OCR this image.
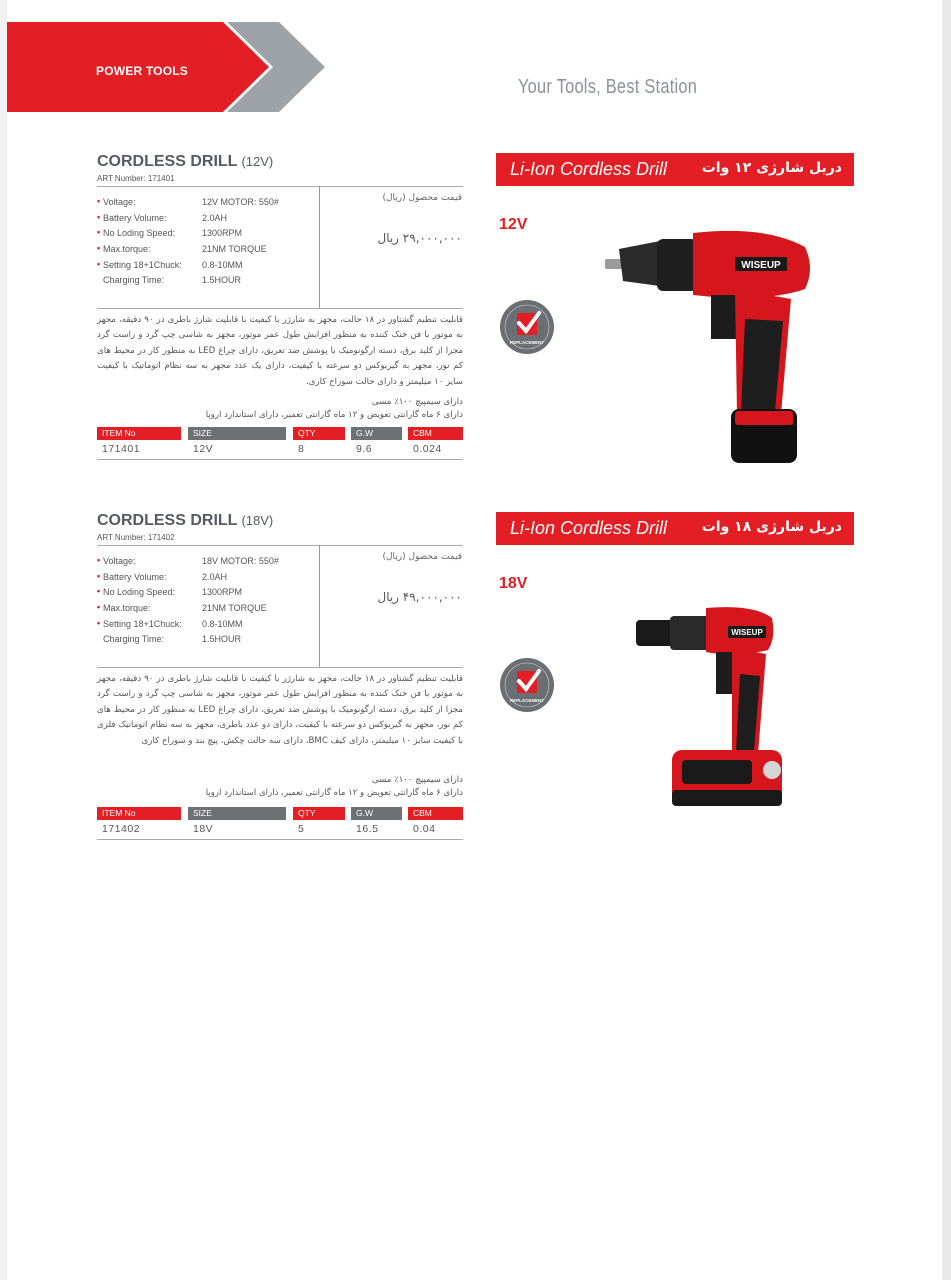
POWER TOOLS
Your Tools, Best Station
CORDLESS DRILL (12V)
ART Number: 171401
• Voltage:	12V MOTOR: 550#
• Battery Volume:	2.0AH
• No Loding Speed:	1300RPM
• Max.torque:	21NM TORQUE
• Setting 18+1Chuck: 0.8-10MM
Charging Time:	1.5HOUR
قیمت محصول (ریال)
۲۹,۰۰۰,۰۰۰ ریال
قابلیت تنظیم گشتاور در ۱۸ حالت، مجهز به شارژر با کیفیت با قابلیت شارژ باطری در ۹۰ دقیقه، مجهز به موتور با فن خنک کننده به منظور افزایش طول عمر موتور، مجهز به شاسی چپ گرد و راست گرد مجزا از کلید برق، دسته ارگونومیک با پوشش ضد تعریق، دارای چراغ LED به منظور کار در محیط های کم نور، مجهز به گیربوکس دو سرعته با کیفیت، دارای یک عدد مجهز به سه نظام اتوماتیک با کیفیت سایز ۱۰ میلیمتر و دارای حالت سوراخ کاری.
دارای سیمپیچ ۱۰۰٪ مسی
دارای ۶ ماه گارانتی تعویض و ۱۲ ماه گارانتی تعمیر، دارای استاندارد اروپا
ITEM No	SIZE	QTY	G.W	CBM
171401	12V	8	9.6	0.024
Li-Ion Cordless Drill دریل شارژی ۱۲ وات
12V
REPLACEMENT
WISEUP
CORDLESS DRILL (18V)
ART Number: 171402
• Voltage:	18V MOTOR: 550#
• Battery Volume:	2.0AH
• No Loding Speed:	1300RPM
• Max.torque:	21NM TORQUE
• Setting 18+1Chuck: 0.8-10MM
Charging Time:	1.5HOUR
قیمت محصول (ریال)
۴۹,۰۰۰,۰۰۰ ریال
قابلیت تنظیم گشتاور در ۱۸ حالت، مجهز به شارژر با کیفیت با قابلیت شارژ باطری در ۹۰ دقیقه، مجهز به موتور با فن خنک کننده به منظور افزایش طول عمر موتور، مجهز به شاسی چپ گرد و راست گرد مجزا از کلید برق، دسته ارگونومیک با پوشش ضد تعریق، دارای چراغ LED به منظور کار در محیط های کم نور، مجهز به گیربوکس دو سرعته با کیفیت، دارای دو عدد باطری، مجهز به سه نظام اتوماتیک فلزی با کیفیت سایز ۱۰ میلیمتر، دارای کیف BMC، دارای سه حالت چکش، پیچ بند و سوراخ کاری
دارای سیمپیچ ۱۰۰٪ مسی
دارای ۶ ماه گارانتی تعویض و ۱۲ ماه گارانتی تعمیر، دارای استاندارد اروپا
ITEM No	SIZE	QTY	G.W	CBM
171402	18V	5	16.5	0.04
Li-Ion Cordless Drill دریل شارژی ۱۸ وات
18V
REPLACEMENT
WISEUP
